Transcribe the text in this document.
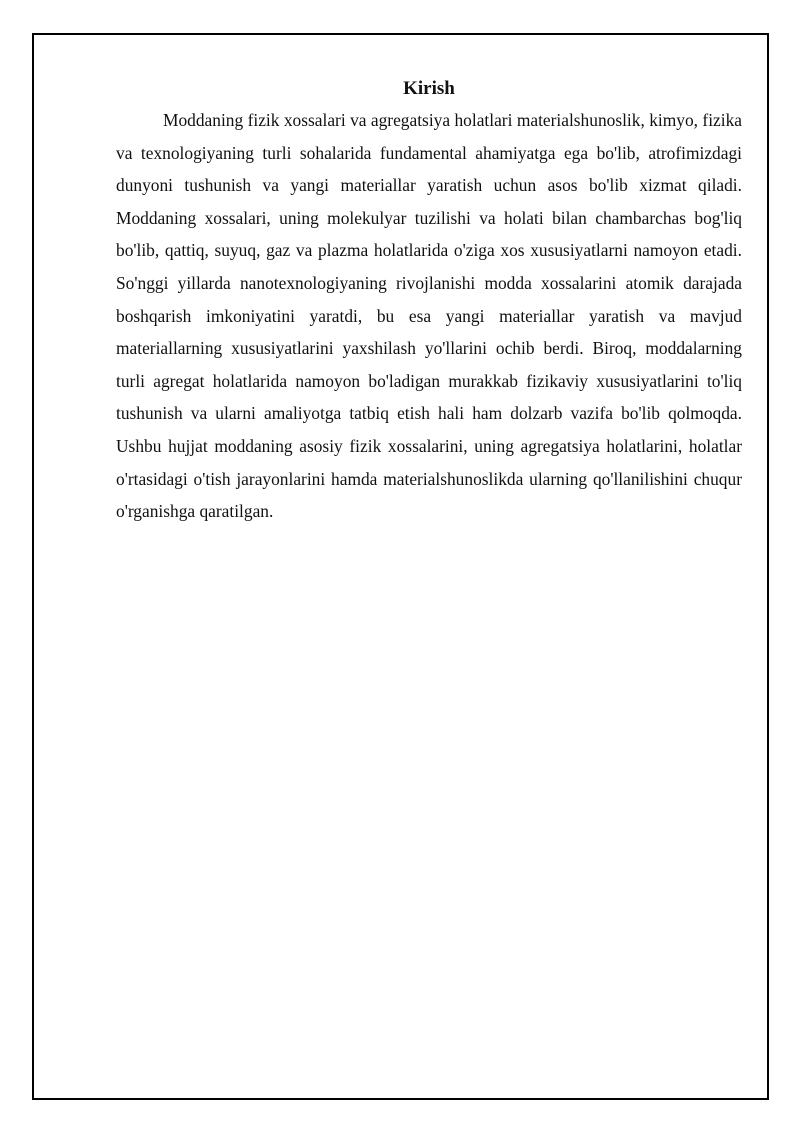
Kirish

Moddaning fizik xossalari va agregatsiya holatlari materialshunoslik, kimyo, fizika va texnologiyaning turli sohalarida fundamental ahamiyatga ega bo'lib, atrofimizdagi dunyoni tushunish va yangi materiallar yaratish uchun asos bo'lib xizmat qiladi. Moddaning xossalari, uning molekulyar tuzilishi va holati bilan chambarchas bog'liq bo'lib, qattiq, suyuq, gaz va plazma holatlarida o'ziga xos xususiyatlarni namoyon etadi. So'nggi yillarda nanotexnologiyaning rivojlanishi modda xossalarini atomik darajada boshqarish imkoniyatini yaratdi, bu esa yangi materiallar yaratish va mavjud materiallarning xususiyatlarini yaxshilash yo'llarini ochib berdi. Biroq, moddalarning turli agregat holatlarida namoyon bo'ladigan murakkab fizikaviy xususiyatlarini to'liq tushunish va ularni amaliyotga tatbiq etish hali ham dolzarb vazifa bo'lib qolmoqda. Ushbu hujjat moddaning asosiy fizik xossalarini, uning agregatsiya holatlarini, holatlar o'rtasidagi o'tish jarayonlarini hamda materialshunoslikda ularning qo'llanilishini chuqur o'rganishga qaratilgan.
